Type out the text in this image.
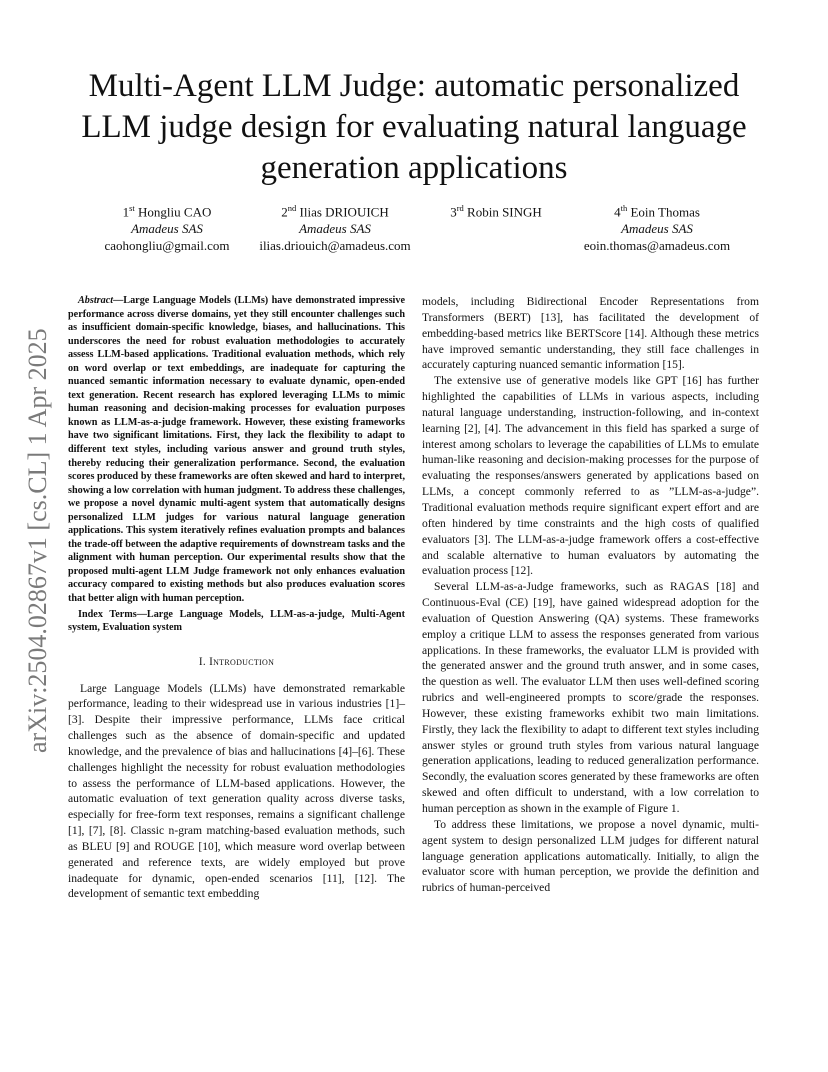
arXiv:2504.02867v1 [cs.CL] 1 Apr 2025
Multi-Agent LLM Judge: automatic personalized LLM judge design for evaluating natural language generation applications
1st Hongliu CAO
Amadeus SAS
caohongliu@gmail.com
2nd Ilias DRIOUICH
Amadeus SAS
ilias.driouich@amadeus.com
3rd Robin SINGH	4th Eoin Thomas
Amadeus SAS
eoin.thomas@amadeus.com

Abstract—Large Language Models (LLMs) have demonstrated impressive performance across diverse domains, yet they still encounter challenges such as insufficient domain-specific knowledge, biases, and hallucinations. This underscores the need for robust evaluation methodologies to accurately assess LLM-based applications. Traditional evaluation methods, which rely on word overlap or text embeddings, are inadequate for capturing the nuanced semantic information necessary to evaluate dynamic, open-ended text generation. Recent research has explored leveraging LLMs to mimic human reasoning and decision-making processes for evaluation purposes known as LLM-as-a-judge framework. However, these existing frameworks have two significant limitations. First, they lack the flexibility to adapt to different text styles, including various answer and ground truth styles, thereby reducing their generalization performance. Second, the evaluation scores produced by these frameworks are often skewed and hard to interpret, showing a low correlation with human judgment. To address these challenges, we propose a novel dynamic multi-agent system that automatically designs personalized LLM judges for various natural language generation applications. This system iteratively refines evaluation prompts and balances the trade-off between the adaptive requirements of downstream tasks and the alignment with human perception. Our experimental results show that the proposed multi-agent LLM Judge framework not only enhances evaluation accuracy compared to existing methods but also produces evaluation scores that better align with human perception.

Index Terms—Large Language Models, LLM-as-a-judge, Multi-Agent system, Evaluation system

I. Introduction

Large Language Models (LLMs) have demonstrated remarkable performance, leading to their widespread use in various industries [1]–[3]. Despite their impressive performance, LLMs face critical challenges such as the absence of domain-specific and updated knowledge, and the prevalence of bias and hallucinations [4]–[6]. These challenges highlight the necessity for robust evaluation methodologies to assess the performance of LLM-based applications. However, the automatic evaluation of text generation quality across diverse tasks, especially for free-form text responses, remains a significant challenge [1], [7], [8]. Classic n-gram matching-based evaluation methods, such as BLEU [9] and ROUGE [10], which measure word overlap between generated and reference texts, are widely employed but prove inadequate for dynamic, open-ended scenarios [11], [12]. The development of semantic text embedding

models, including Bidirectional Encoder Representations from Transformers (BERT) [13], has facilitated the development of embedding-based metrics like BERTScore [14]. Although these metrics have improved semantic understanding, they still face challenges in accurately capturing nuanced semantic information [15].

The extensive use of generative models like GPT [16] has further highlighted the capabilities of LLMs in various aspects, including natural language understanding, instruction-following, and in-context learning [2], [4]. The advancement in this field has sparked a surge of interest among scholars to leverage the capabilities of LLMs to emulate human-like reasoning and decision-making processes for the purpose of evaluating the responses/answers generated by applications based on LLMs, a concept commonly referred to as ”LLM-as-a-judge”. Traditional evaluation methods require significant expert effort and are often hindered by time constraints and the high costs of qualified evaluators [3]. The LLM-as-a-judge framework offers a cost-effective and scalable alternative to human evaluators by automating the evaluation process [12].

Several LLM-as-a-Judge frameworks, such as RAGAS [18] and Continuous-Eval (CE) [19], have gained widespread adoption for the evaluation of Question Answering (QA) systems. These frameworks employ a critique LLM to assess the responses generated from various applications. In these frameworks, the evaluator LLM is provided with the generated answer and the ground truth answer, and in some cases, the question as well. The evaluator LLM then uses well-defined scoring rubrics and well-engineered prompts to score/grade the responses. However, these existing frameworks exhibit two main limitations. Firstly, they lack the flexibility to adapt to different text styles including answer styles or ground truth styles from various natural language generation applications, leading to reduced generalization performance. Secondly, the evaluation scores generated by these frameworks are often skewed and often difficult to understand, with a low correlation to human perception as shown in the example of Figure 1.

To address these limitations, we propose a novel dynamic, multi-agent system to design personalized LLM judges for different natural language generation applications automatically. Initially, to align the evaluator score with human perception, we provide the definition and rubrics of human-perceived
